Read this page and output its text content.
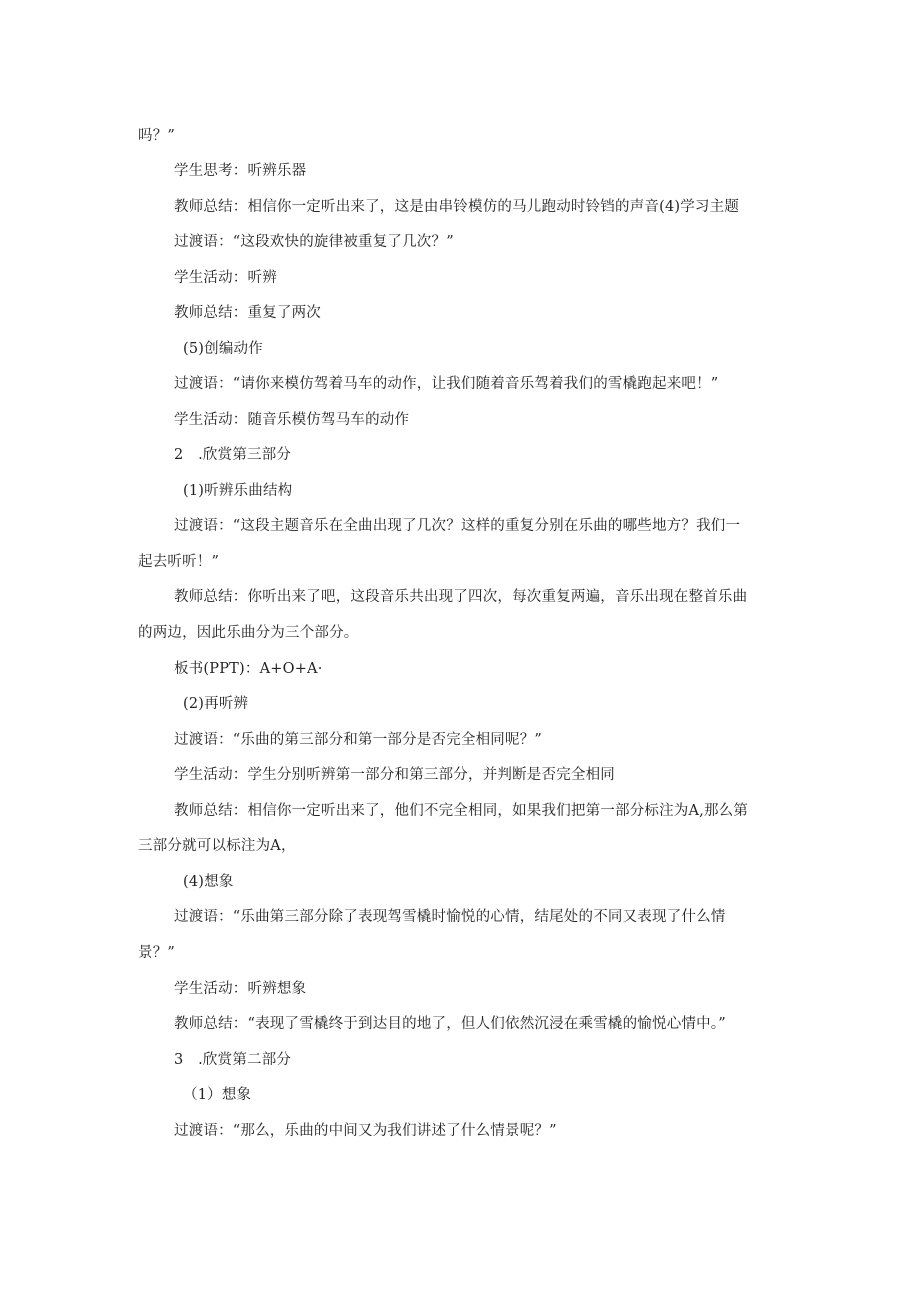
吗？”
学生思考：听辨乐器
教师总结：相信你一定听出来了，这是由串铃模仿的马儿跑动时铃铛的声音(4)学习主题
过渡语：“这段欢快的旋律被重复了几次？”
学生活动：听辨
教师总结：重复了两次
(5)创编动作
过渡语：“请你来模仿驾着马车的动作，让我们随着音乐驾着我们的雪橇跑起来吧！”
学生活动：随音乐模仿驾马车的动作
2　.欣赏第三部分
(1)听辨乐曲结构
过渡语：“这段主题音乐在全曲出现了几次？这样的重复分别在乐曲的哪些地方？我们一
起去听听！”
教师总结：你听出来了吧，这段音乐共出现了四次，每次重复两遍，音乐出现在整首乐曲
的两边，因此乐曲分为三个部分。
板书(PPT)：A+O+A·
(2)再听辨
过渡语：“乐曲的第三部分和第一部分是否完全相同呢？”
学生活动：学生分别听辨第一部分和第三部分，并判断是否完全相同
教师总结：相信你一定听出来了，他们不完全相同，如果我们把第一部分标注为A,那么第
三部分就可以标注为A，
(4)想象
过渡语：“乐曲第三部分除了表现驾雪橇时愉悦的心情，结尾处的不同又表现了什么情
景？”
学生活动：听辨想象
教师总结：“表现了雪橇终于到达目的地了，但人们依然沉浸在乘雪橇的愉悦心情中。”
3　.欣赏第二部分
（1）想象
过渡语：“那么，乐曲的中间又为我们讲述了什么情景呢？”
